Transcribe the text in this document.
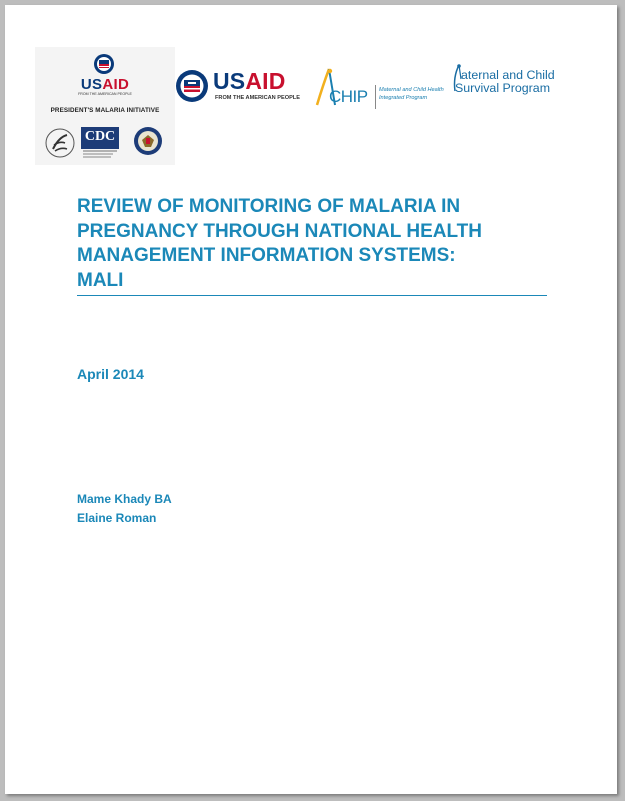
USAID
FROM THE AMERICAN PEOPLE
PRESIDENT'S MALARIA INITIATIVE
CDC
USAID
FROM THE AMERICAN PEOPLE CHIP Maternal and Child Health
Integrated Program
aternal and Child
Survival Program
REVIEW OF MONITORING OF MALARIA IN
PREGNANCY THROUGH NATIONAL HEALTH
MANAGEMENT INFORMATION SYSTEMS:
MALI
April 2014
Mame Khady BA
Elaine Roman
